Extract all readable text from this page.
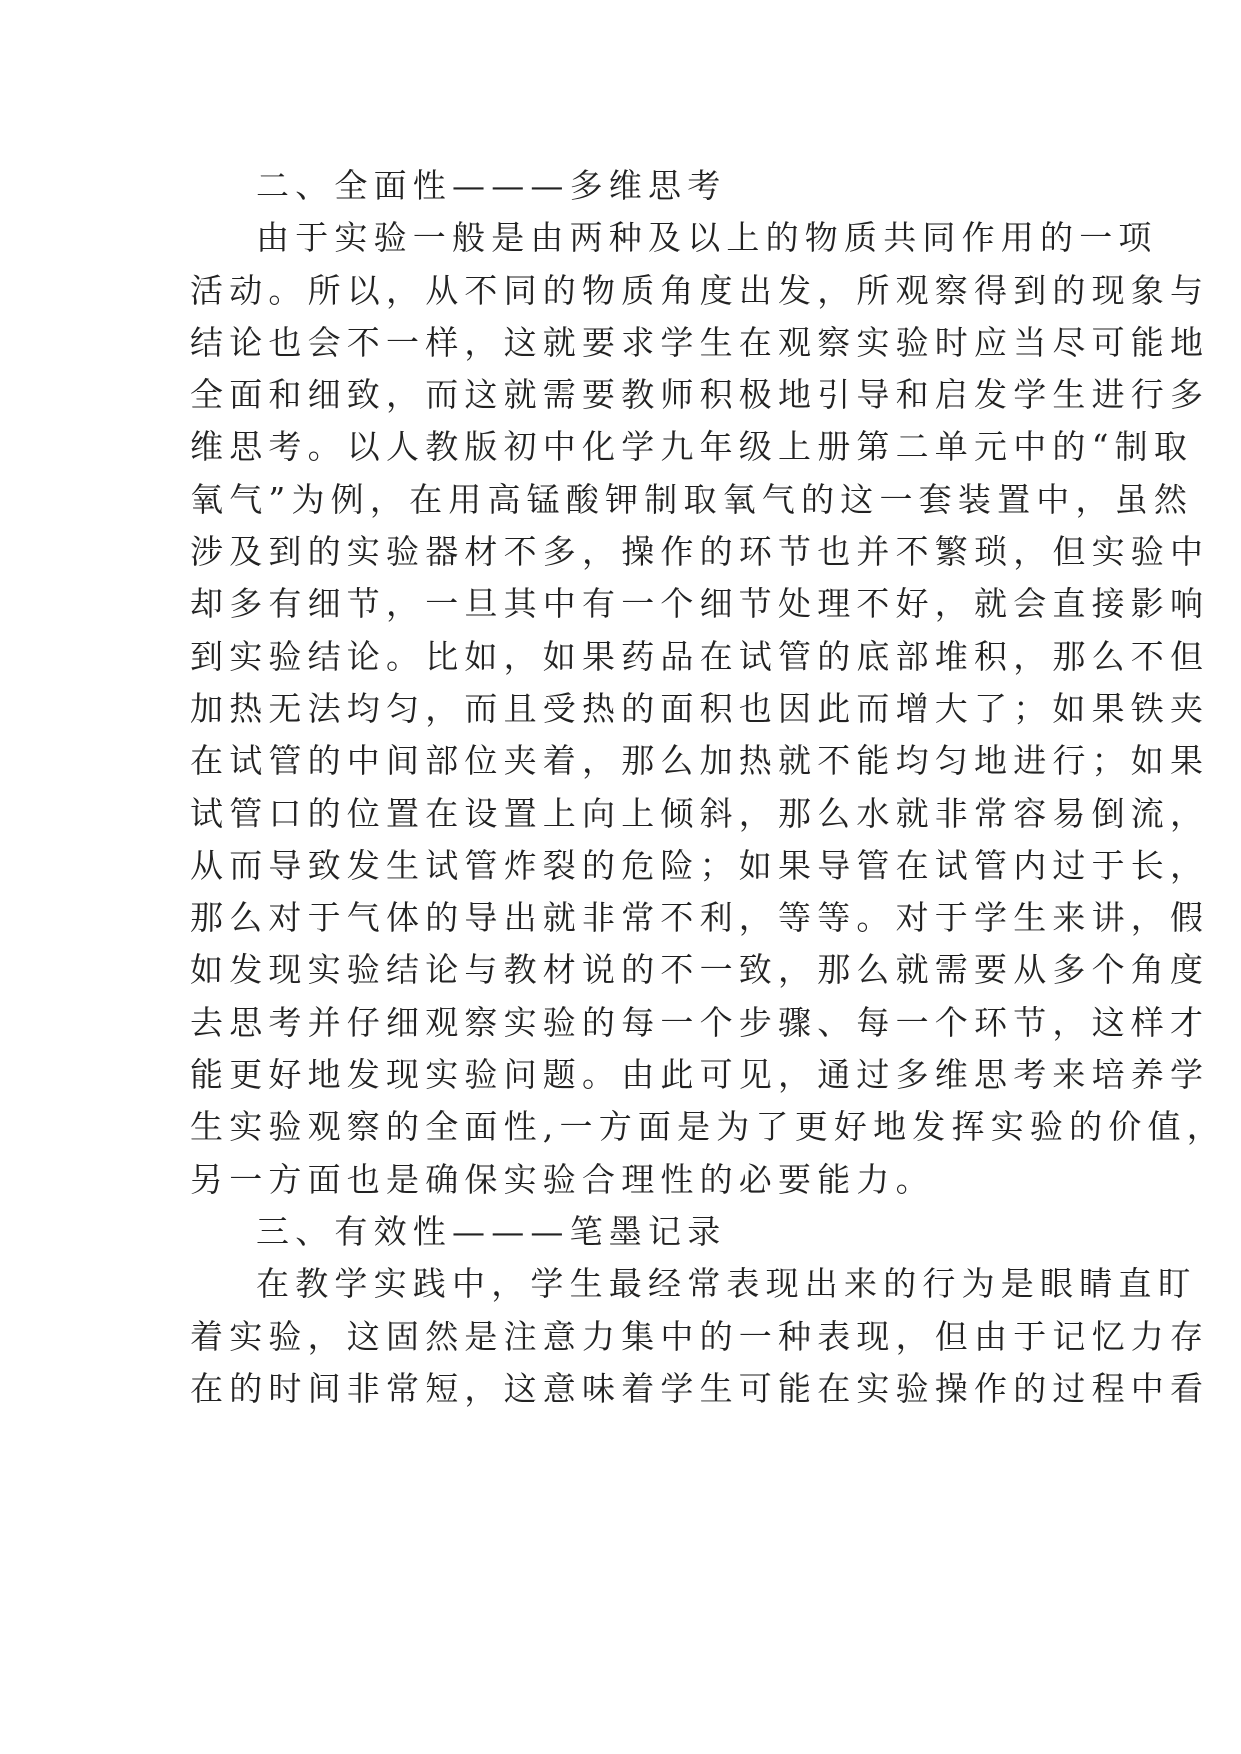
二、全面性———多维思考
由于实验一般是由两种及以上的物质共同作用的一项
活动。所以，从不同的物质角度出发，所观察得到的现象与
结论也会不一样，这就要求学生在观察实验时应当尽可能地
全面和细致，而这就需要教师积极地引导和启发学生进行多
维思考。以人教版初中化学九年级上册第二单元中的“制取
氧气”为例，在用高锰酸钾制取氧气的这一套装置中，虽然
涉及到的实验器材不多，操作的环节也并不繁琐，但实验中
却多有细节，一旦其中有一个细节处理不好，就会直接影响
到实验结论。比如，如果药品在试管的底部堆积，那么不但
加热无法均匀，而且受热的面积也因此而增大了；如果铁夹
在试管的中间部位夹着，那么加热就不能均匀地进行；如果
试管口的位置在设置上向上倾斜，那么水就非常容易倒流，
从而导致发生试管炸裂的危险；如果导管在试管内过于长，
那么对于气体的导出就非常不利，等等。对于学生来讲，假
如发现实验结论与教材说的不一致，那么就需要从多个角度
去思考并仔细观察实验的每一个步骤、每一个环节，这样才
能更好地发现实验问题。由此可见，通过多维思考来培养学
生实验观察的全面性,一方面是为了更好地发挥实验的价值，
另一方面也是确保实验合理性的必要能力。
三、有效性———笔墨记录
在教学实践中，学生最经常表现出来的行为是眼睛直盯
着实验，这固然是注意力集中的一种表现，但由于记忆力存
在的时间非常短，这意味着学生可能在实验操作的过程中看
